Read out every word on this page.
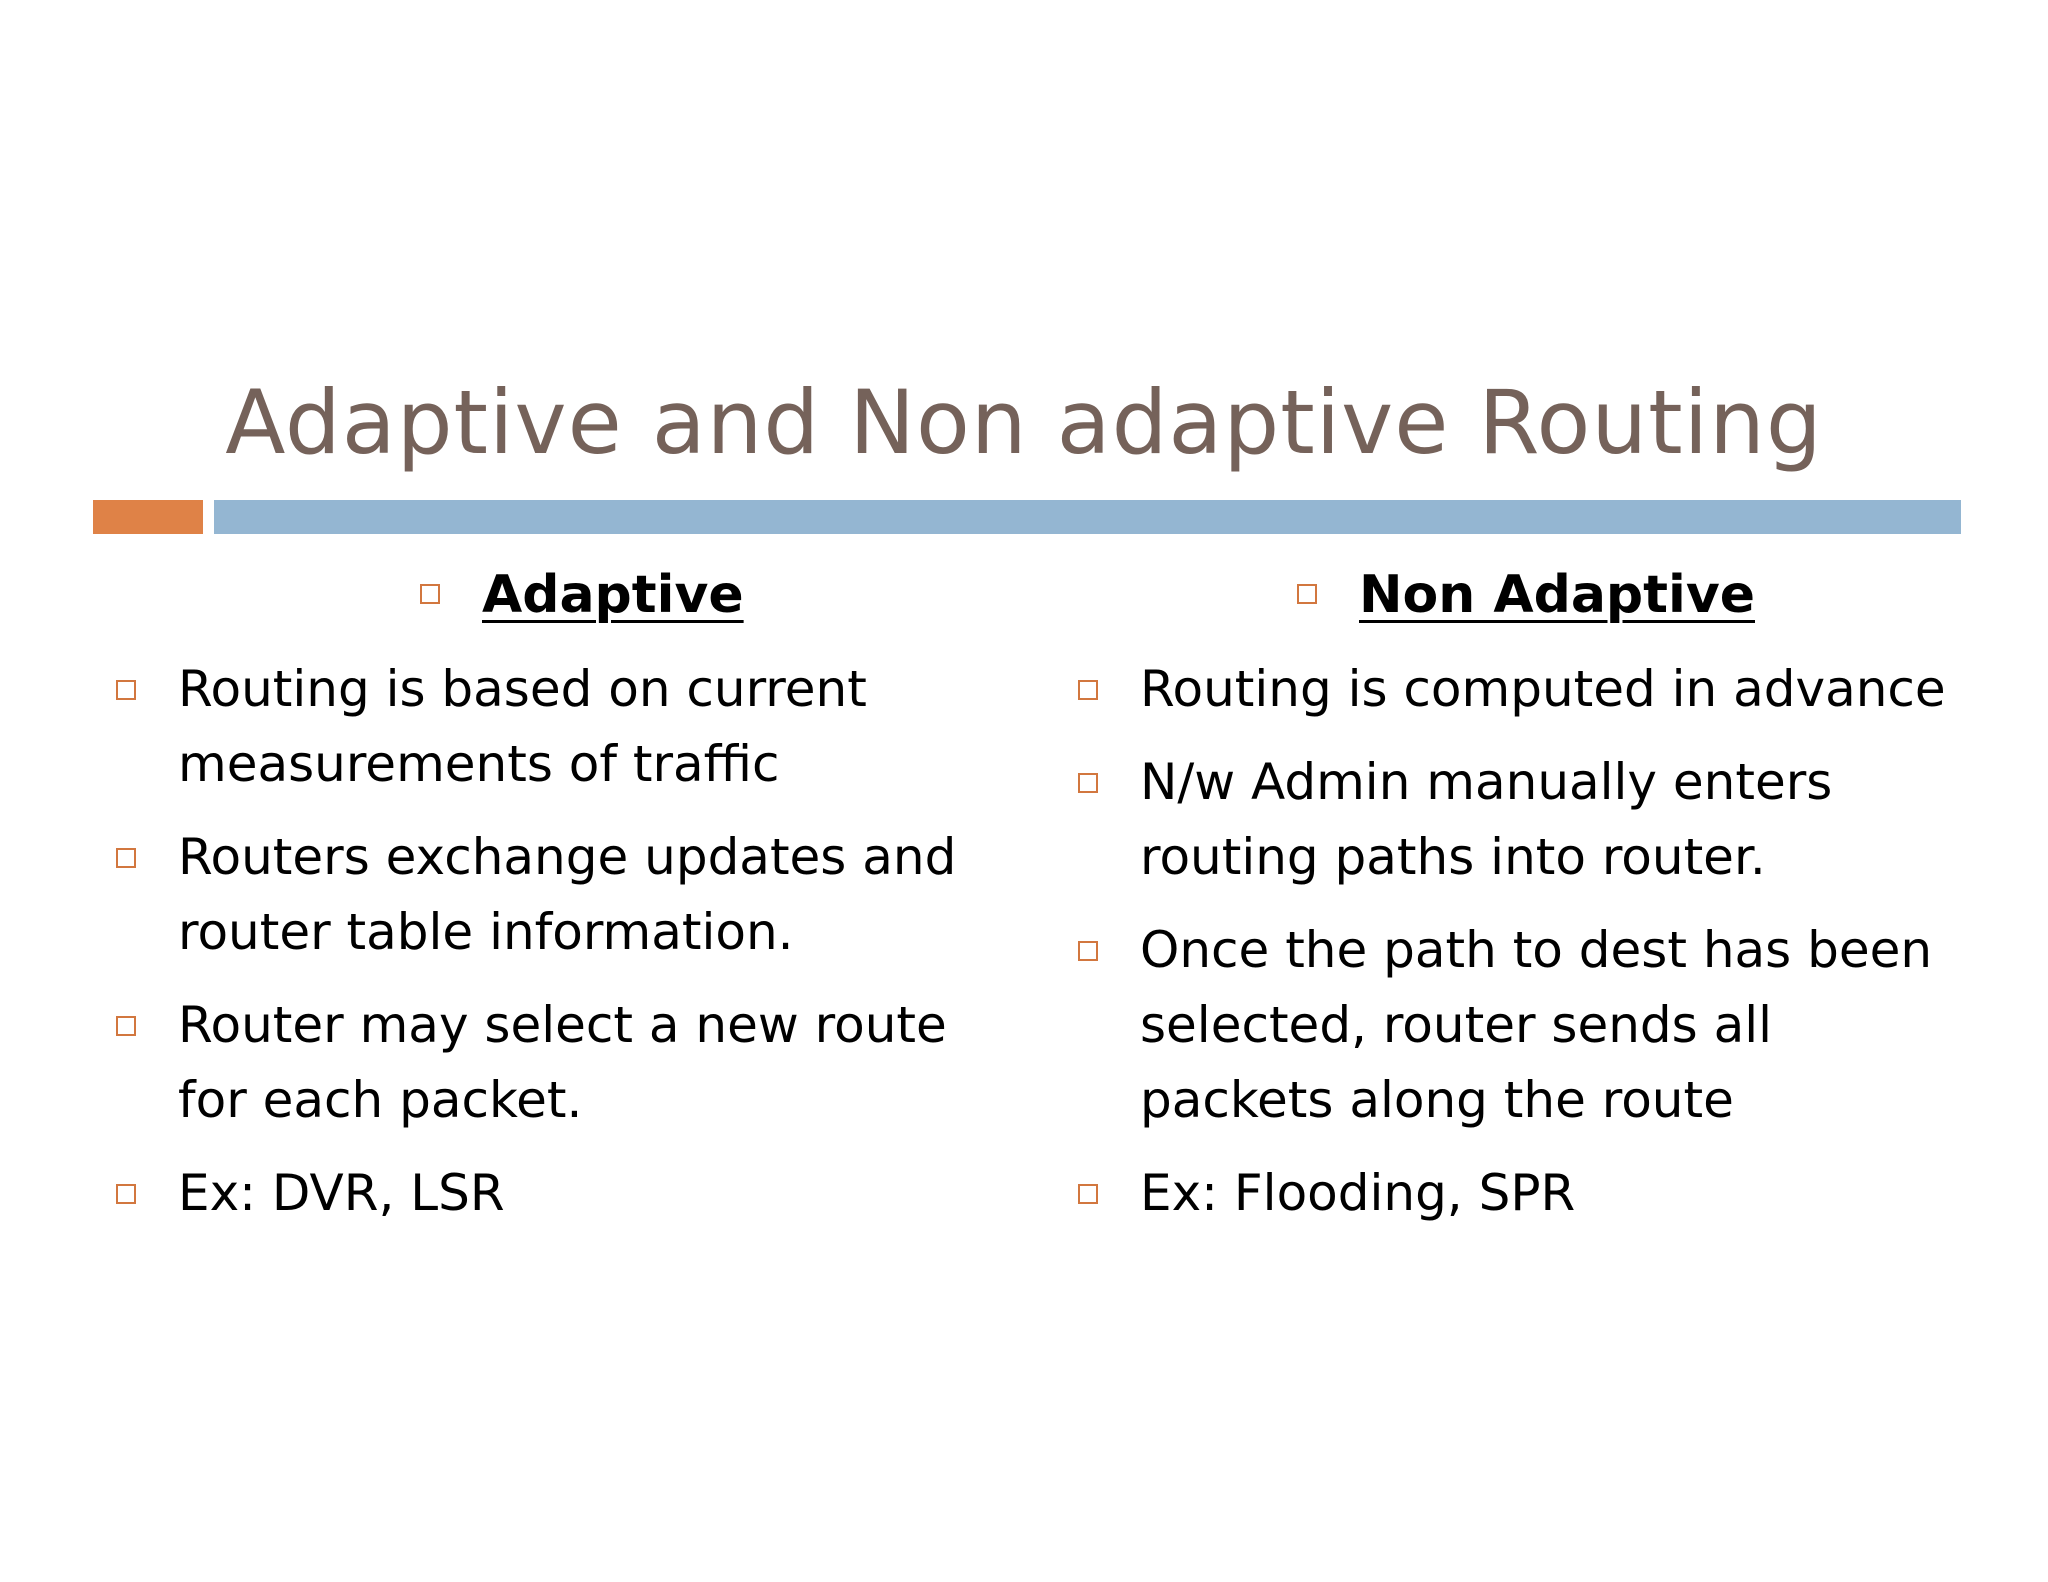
Adaptive and Non adaptive Routing
Adaptive
Routing is based on current measurements of traffic
Routers exchange updates and router table information.
Router may select a new route for each packet.
Ex: DVR, LSR
Non Adaptive
Routing is computed in advance
N/w Admin manually enters routing paths into router.
Once the path to dest has been selected, router sends all packets along the route
Ex: Flooding, SPR
